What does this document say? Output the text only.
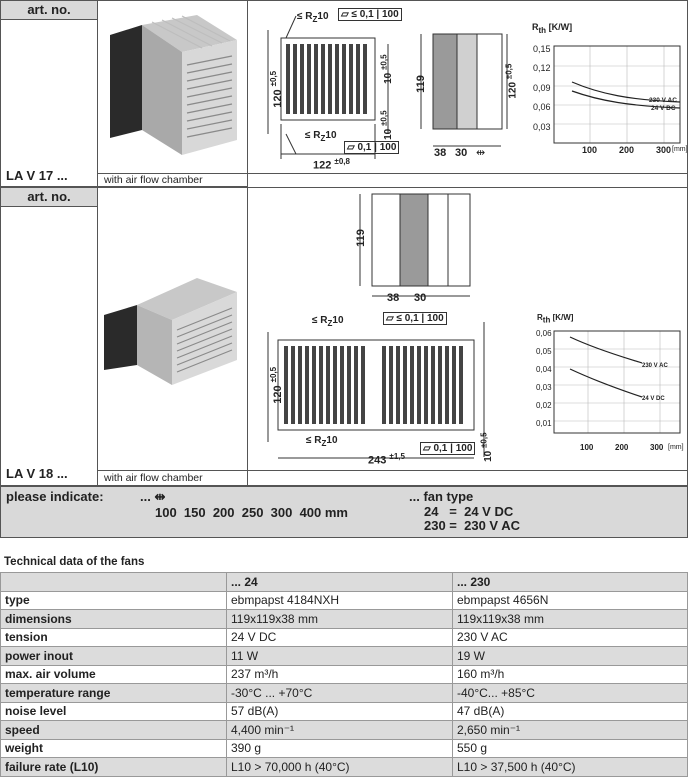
art. no.
LA V 17 ...	with air flow chamber
≤ $R_Z10$	▱ ≤ 0,1 | 100
120 $^{\pm 0,5}$	10 $^{\pm 0,5}$
10 $^{\pm 0,5}$
≤ $R_Z10$
▱ 0,1 | 100
122 $^{\pm 0,8}$
119	120 $^{\pm 0,5}$
38 30 ⇹
$R_{th}$ [K/W]
0,15
0,12
0,09
0,06
0,03
100 200 300 [mm]
230 V AC
24 V DC
art. no.
LA V 18 ...	with air flow chamber
119
38 30
≤ $R_Z10$	▱ ≤ 0,1 | 100
120 $^{\pm 0,5}$
≤ $R_Z10$
▱ 0,1 | 100
10 $^{\pm 0,5}$
243 $^{\pm 1,5}$
$R_{th}$ [K/W]
0,06
0,05
0,04
0,03
0,02
0,01
100	200	300 [mm]
230 V AC
24 V DC
please indicate:	... ⇹
100  150  200  250  300  400 mm
... fan type
24   =  24 V DC
230 =  230 V AC
Technical data of the fans
	... 24	... 230
type	ebmpapst 4184NXH	ebmpapst 4656N
dimensions	119x119x38 mm	119x119x38 mm
tension	24 V DC	230 V AC
power inout	11 W	19 W
max. air volume	237 m³/h	160 m³/h
temperature range	-30°C ... +70°C	-40°C... +85°C
noise level	57 dB(A)	47 dB(A)
speed	4,400 min⁻¹	2,650 min⁻¹
weight	390 g	550 g
failure rate (L10)	L10 > 70,000 h (40°C)	L10 > 37,500 h (40°C)
